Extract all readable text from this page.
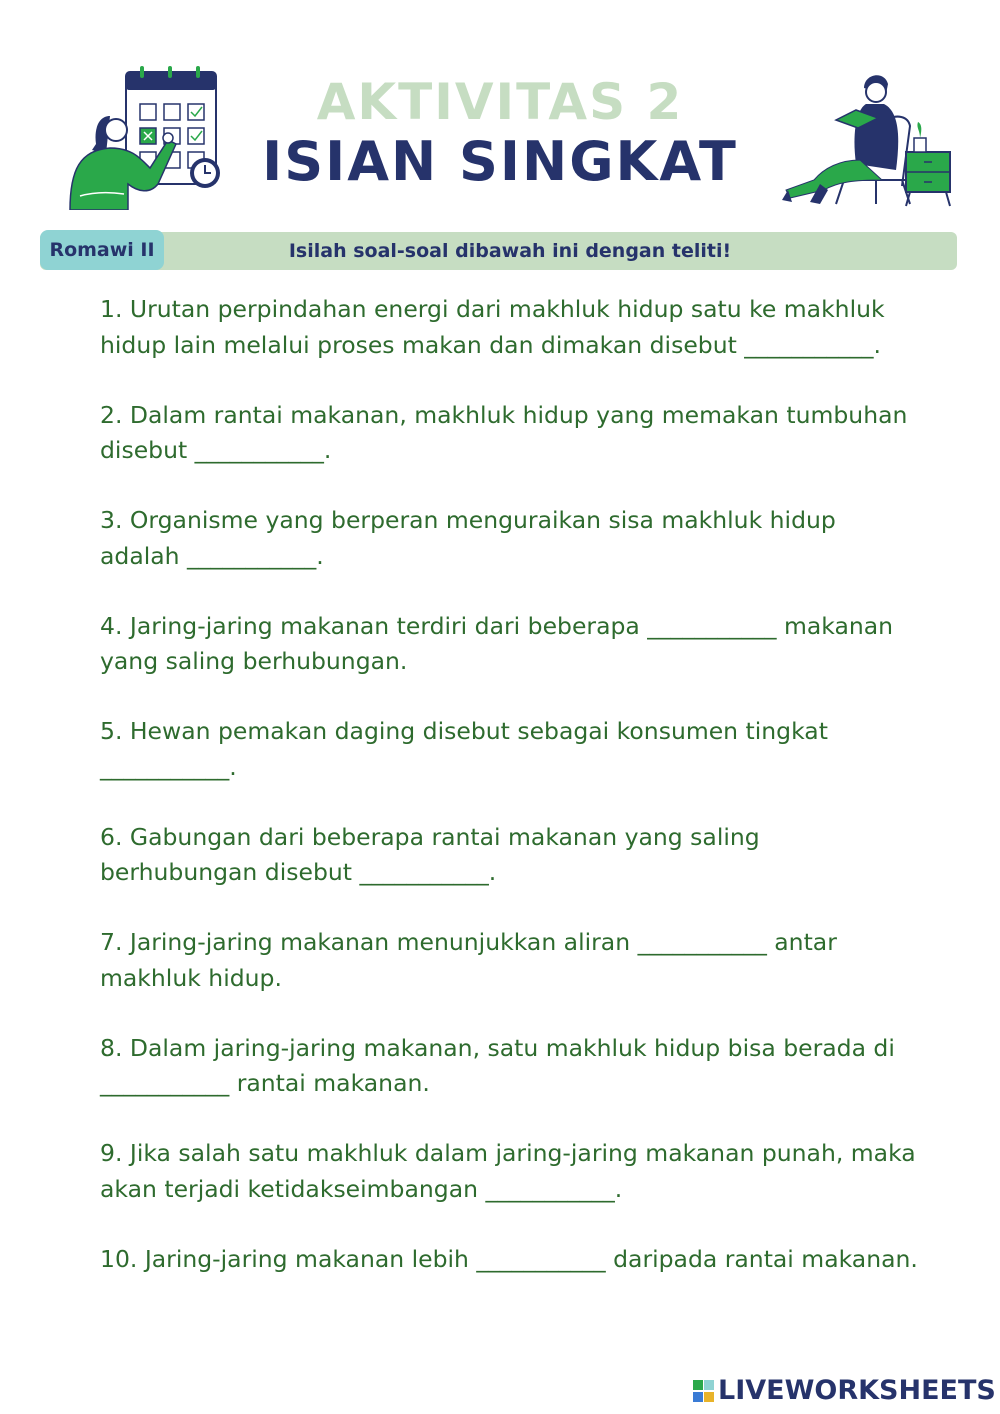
AKTIVITAS 2
ISIAN SINGKAT
Romawi II	Isilah soal-soal dibawah ini dengan teliti!
1. Urutan perpindahan energi dari makhluk hidup satu ke makhluk hidup lain melalui proses makan dan dimakan disebut ___________.
2. Dalam rantai makanan, makhluk hidup yang memakan tumbuhan disebut ___________.
3. Organisme yang berperan menguraikan sisa makhluk hidup adalah ___________.
4. Jaring-jaring makanan terdiri dari beberapa ___________ makanan yang saling berhubungan.
5. Hewan pemakan daging disebut sebagai konsumen tingkat ___________.
6. Gabungan dari beberapa rantai makanan yang saling berhubungan disebut ___________.
7. Jaring-jaring makanan menunjukkan aliran ___________ antar makhluk hidup.
8. Dalam jaring-jaring makanan, satu makhluk hidup bisa berada di ___________ rantai makanan.
9. Jika salah satu makhluk dalam jaring-jaring makanan punah, maka akan terjadi ketidakseimbangan ___________.
10. Jaring-jaring makanan lebih ___________ daripada rantai makanan.
LIVEWORKSHEETS
